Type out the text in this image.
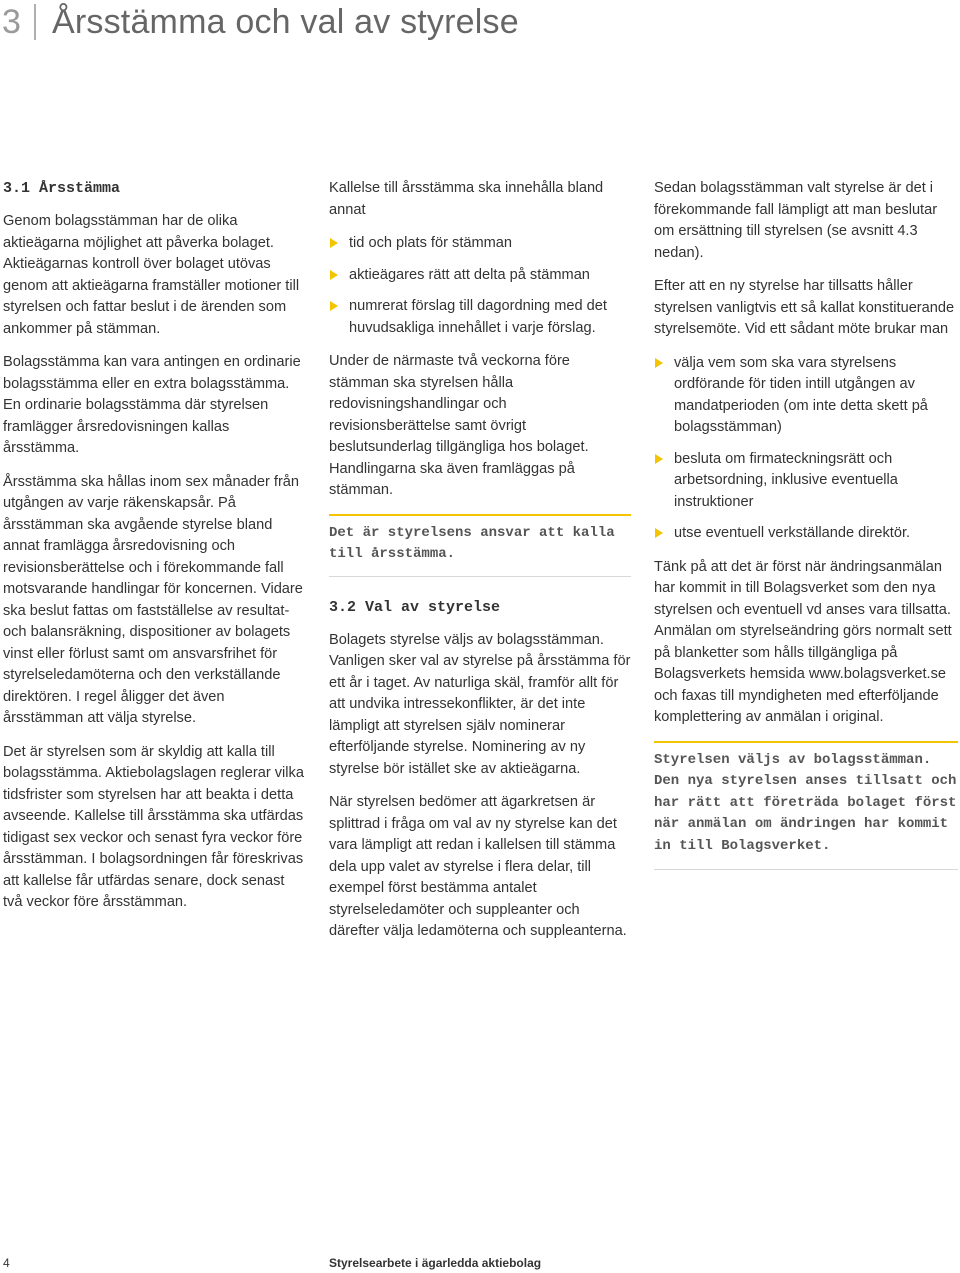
3 Årsstämma och val av styrelse
3.1 Årsstämma

Genom bolagsstämman har de olika aktieägarna möjlighet att påverka bolaget. Aktieägarnas kontroll över bolaget utövas genom att aktieägarna framställer motioner till styrelsen och fattar beslut i de ärenden som ankommer på stämman.

Bolagsstämma kan vara antingen en ordinarie bolagsstämma eller en extra bolagsstämma. En ordinarie bolagsstämma där styrelsen framlägger årsredovisningen kallas årsstämma.

Årsstämma ska hållas inom sex månader från utgången av varje räkenskapsår. På årsstämman ska avgående styrelse bland annat framlägga årsredovisning och revisionsberättelse och i förekommande fall motsvarande handlingar för koncernen. Vidare ska beslut fattas om fastställelse av resultat- och balansräkning, dispositioner av bolagets vinst eller förlust samt om ansvarsfrihet för styrelseledamöterna och den verkställande direktören. I regel åligger det även årsstämman att välja styrelse.

Det är styrelsen som är skyldig att kalla till bolagsstämma. Aktiebolagslagen reglerar vilka tidsfrister som styrelsen har att beakta i detta avseende. Kallelse till årsstämma ska utfärdas tidigast sex veckor och senast fyra veckor före årsstämman. I bolagsordningen får föreskrivas att kallelse får utfärdas senare, dock senast två veckor före årsstämman.

Kallelse till årsstämma ska innehålla bland annat

tid och plats för stämman
aktieägares rätt att delta på stämman
numrerat förslag till dagordning med det huvudsakliga innehållet i varje förslag.

Under de närmaste två veckorna före stämman ska styrelsen hålla redovisningshandlingar och revisionsberättelse samt övrigt beslutsunderlag tillgängliga hos bolaget. Handlingarna ska även framläggas på stämman.

Det är styrelsens ansvar att kalla till årsstämma.
3.2 Val av styrelse

Bolagets styrelse väljs av bolagsstämman. Vanligen sker val av styrelse på årsstämma för ett år i taget. Av naturliga skäl, framför allt för att undvika intressekonflikter, är det inte lämpligt att styrelsen själv nominerar efterföljande styrelse. Nominering av ny styrelse bör istället ske av aktieägarna.

När styrelsen bedömer att ägarkretsen är splittrad i fråga om val av ny styrelse kan det vara lämpligt att redan i kallelsen till stämma dela upp valet av styrelse i flera delar, till exempel först bestämma antalet styrelseledamöter och suppleanter och därefter välja ledamöterna och suppleanterna.

Sedan bolagsstämman valt styrelse är det i förekommande fall lämpligt att man beslutar om ersättning till styrelsen (se avsnitt 4.3 nedan).

Efter att en ny styrelse har tillsatts håller styrelsen vanligtvis ett så kallat konstituerande styrelsemöte. Vid ett sådant möte brukar man

välja vem som ska vara styrelsens ordförande för tiden intill utgången av mandatperioden (om inte detta skett på bolagsstämman)
besluta om firmateckningsrätt och arbetsordning, inklusive eventuella instruktioner
utse eventuell verkställande direktör.

Tänk på att det är först när ändringsanmälan har kommit in till Bolagsverket som den nya styrelsen och eventuell vd anses vara tillsatta. Anmälan om styrelseändring görs normalt sett på blanketter som hålls tillgängliga på Bolagsverkets hemsida www.bolagsverket.se och faxas till myndigheten med efterföljande komplettering av anmälan i original.

Styrelsen väljs av bolagsstämman. Den nya styrelsen anses tillsatt och har rätt att företräda bolaget först när anmälan om ändringen har kommit in till Bolagsverket.
4	Styrelsearbete i ägarledda aktiebolag
